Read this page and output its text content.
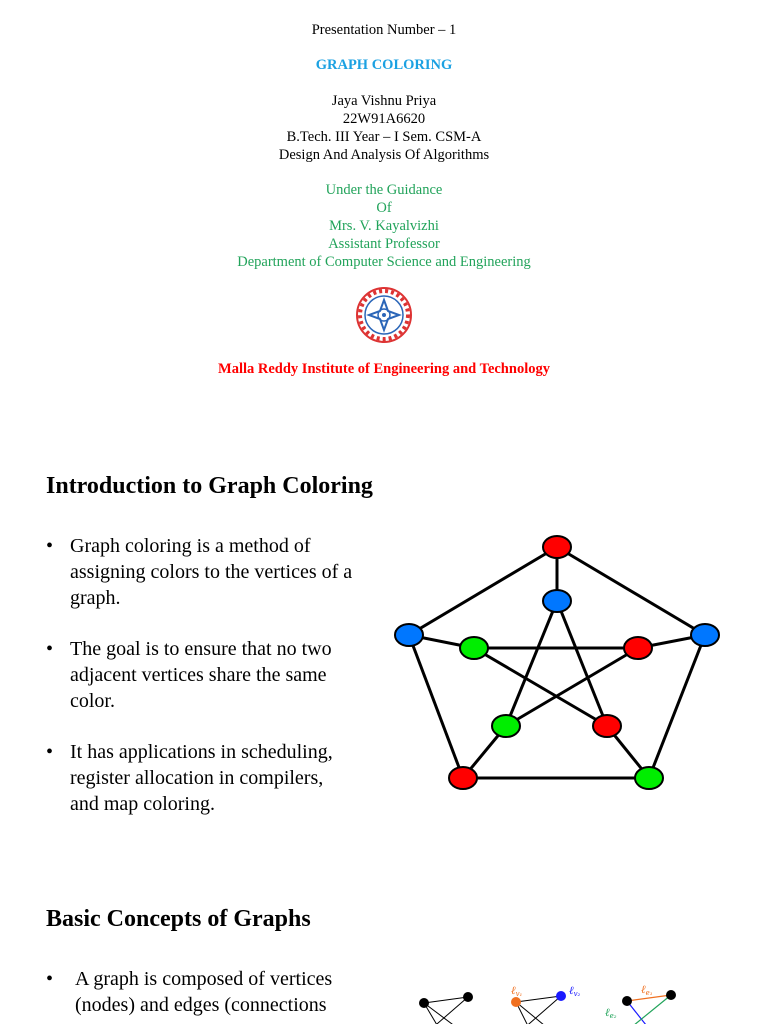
Presentation Number – 1
GRAPH COLORING
Jaya Vishnu Priya
22W91A6620
B.Tech. III Year – I Sem. CSM-A
Design And Analysis Of Algorithms
Under the Guidance
Of
Mrs. V. Kayalvizhi
Assistant Professor
Department of Computer Science and Engineering
Malla Reddy Institute of Engineering and Technology
Introduction to Graph Coloring
• Graph coloring is a method of
assigning colors to the vertices of a
graph.
• The goal is to ensure that no two
adjacent vertices share the same
color.
• It has applications in scheduling,
register allocation in compilers,
and map coloring.
Basic Concepts of Graphs
• A graph is composed of vertices
(nodes) and edges (connections
ℓv₁	ℓv₂	ℓe₁
ℓe₂
